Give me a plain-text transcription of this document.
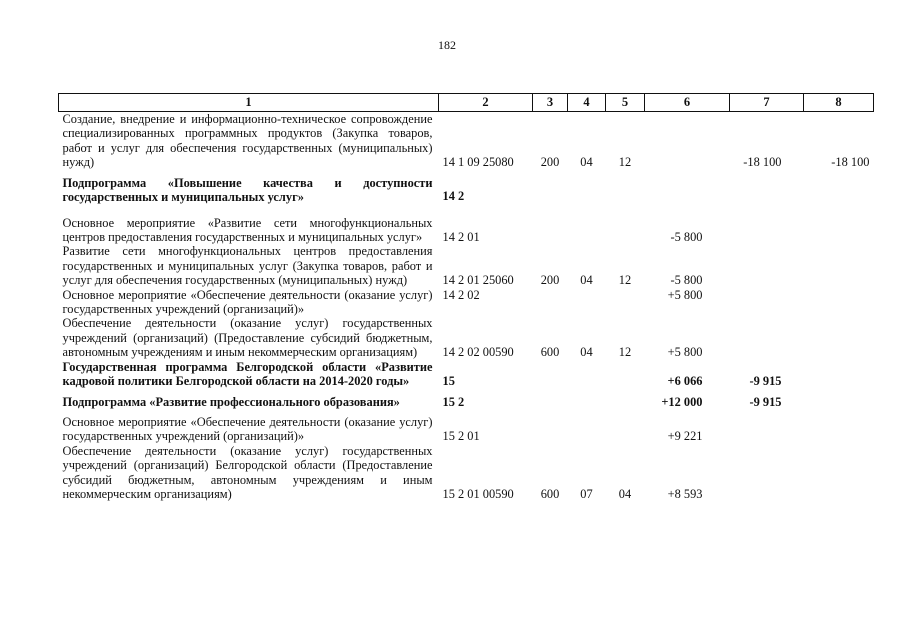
182
1	2	3	4	5	6	7	8
Создание, внедрение и информационно-техническое сопровождение специализированных программных продуктов (Закупка товаров, работ и услуг для обеспечения государственных (муниципальных) нужд)	14 1 09 25080	200	04	12		-18 100	-18 100
Подпрограмма «Повышение качества и доступности государственных и муниципальных услуг»	14 2						
Основное мероприятие «Развитие сети многофункциональных центров предоставления государственных и муниципальных услуг»	14 2 01				-5 800		
Развитие сети многофункциональных центров предоставления государственных и муниципальных услуг (Закупка товаров, работ и услуг для обеспечения государственных (муниципальных) нужд)	14 2 01 25060	200	04	12	-5 800		
Основное мероприятие «Обеспечение деятельности (оказание услуг) государственных учреждений (организаций)»	14 2 02				+5 800		
Обеспечение деятельности (оказание услуг) государственных учреждений (организаций) (Предоставление субсидий бюджетным, автономным учреждениям и иным некоммерческим организациям)	14 2 02 00590	600	04	12	+5 800		
Государственная программа Белгородской области «Развитие кадровой политики Белгородской области на 2014-2020 годы»	15				+6 066	-9 915	
Подпрограмма «Развитие профессионального образования»	15 2				+12 000	-9 915	
Основное мероприятие «Обеспечение деятельности (оказание услуг) государственных учреждений (организаций)»	15 2 01				+9 221		
Обеспечение деятельности (оказание услуг) государственных учреждений (организаций) Белгородской области (Предоставление субсидий бюджетным, автономным учреждениям и иным некоммерческим организациям)	15 2 01 00590	600	07	04	+8 593		
